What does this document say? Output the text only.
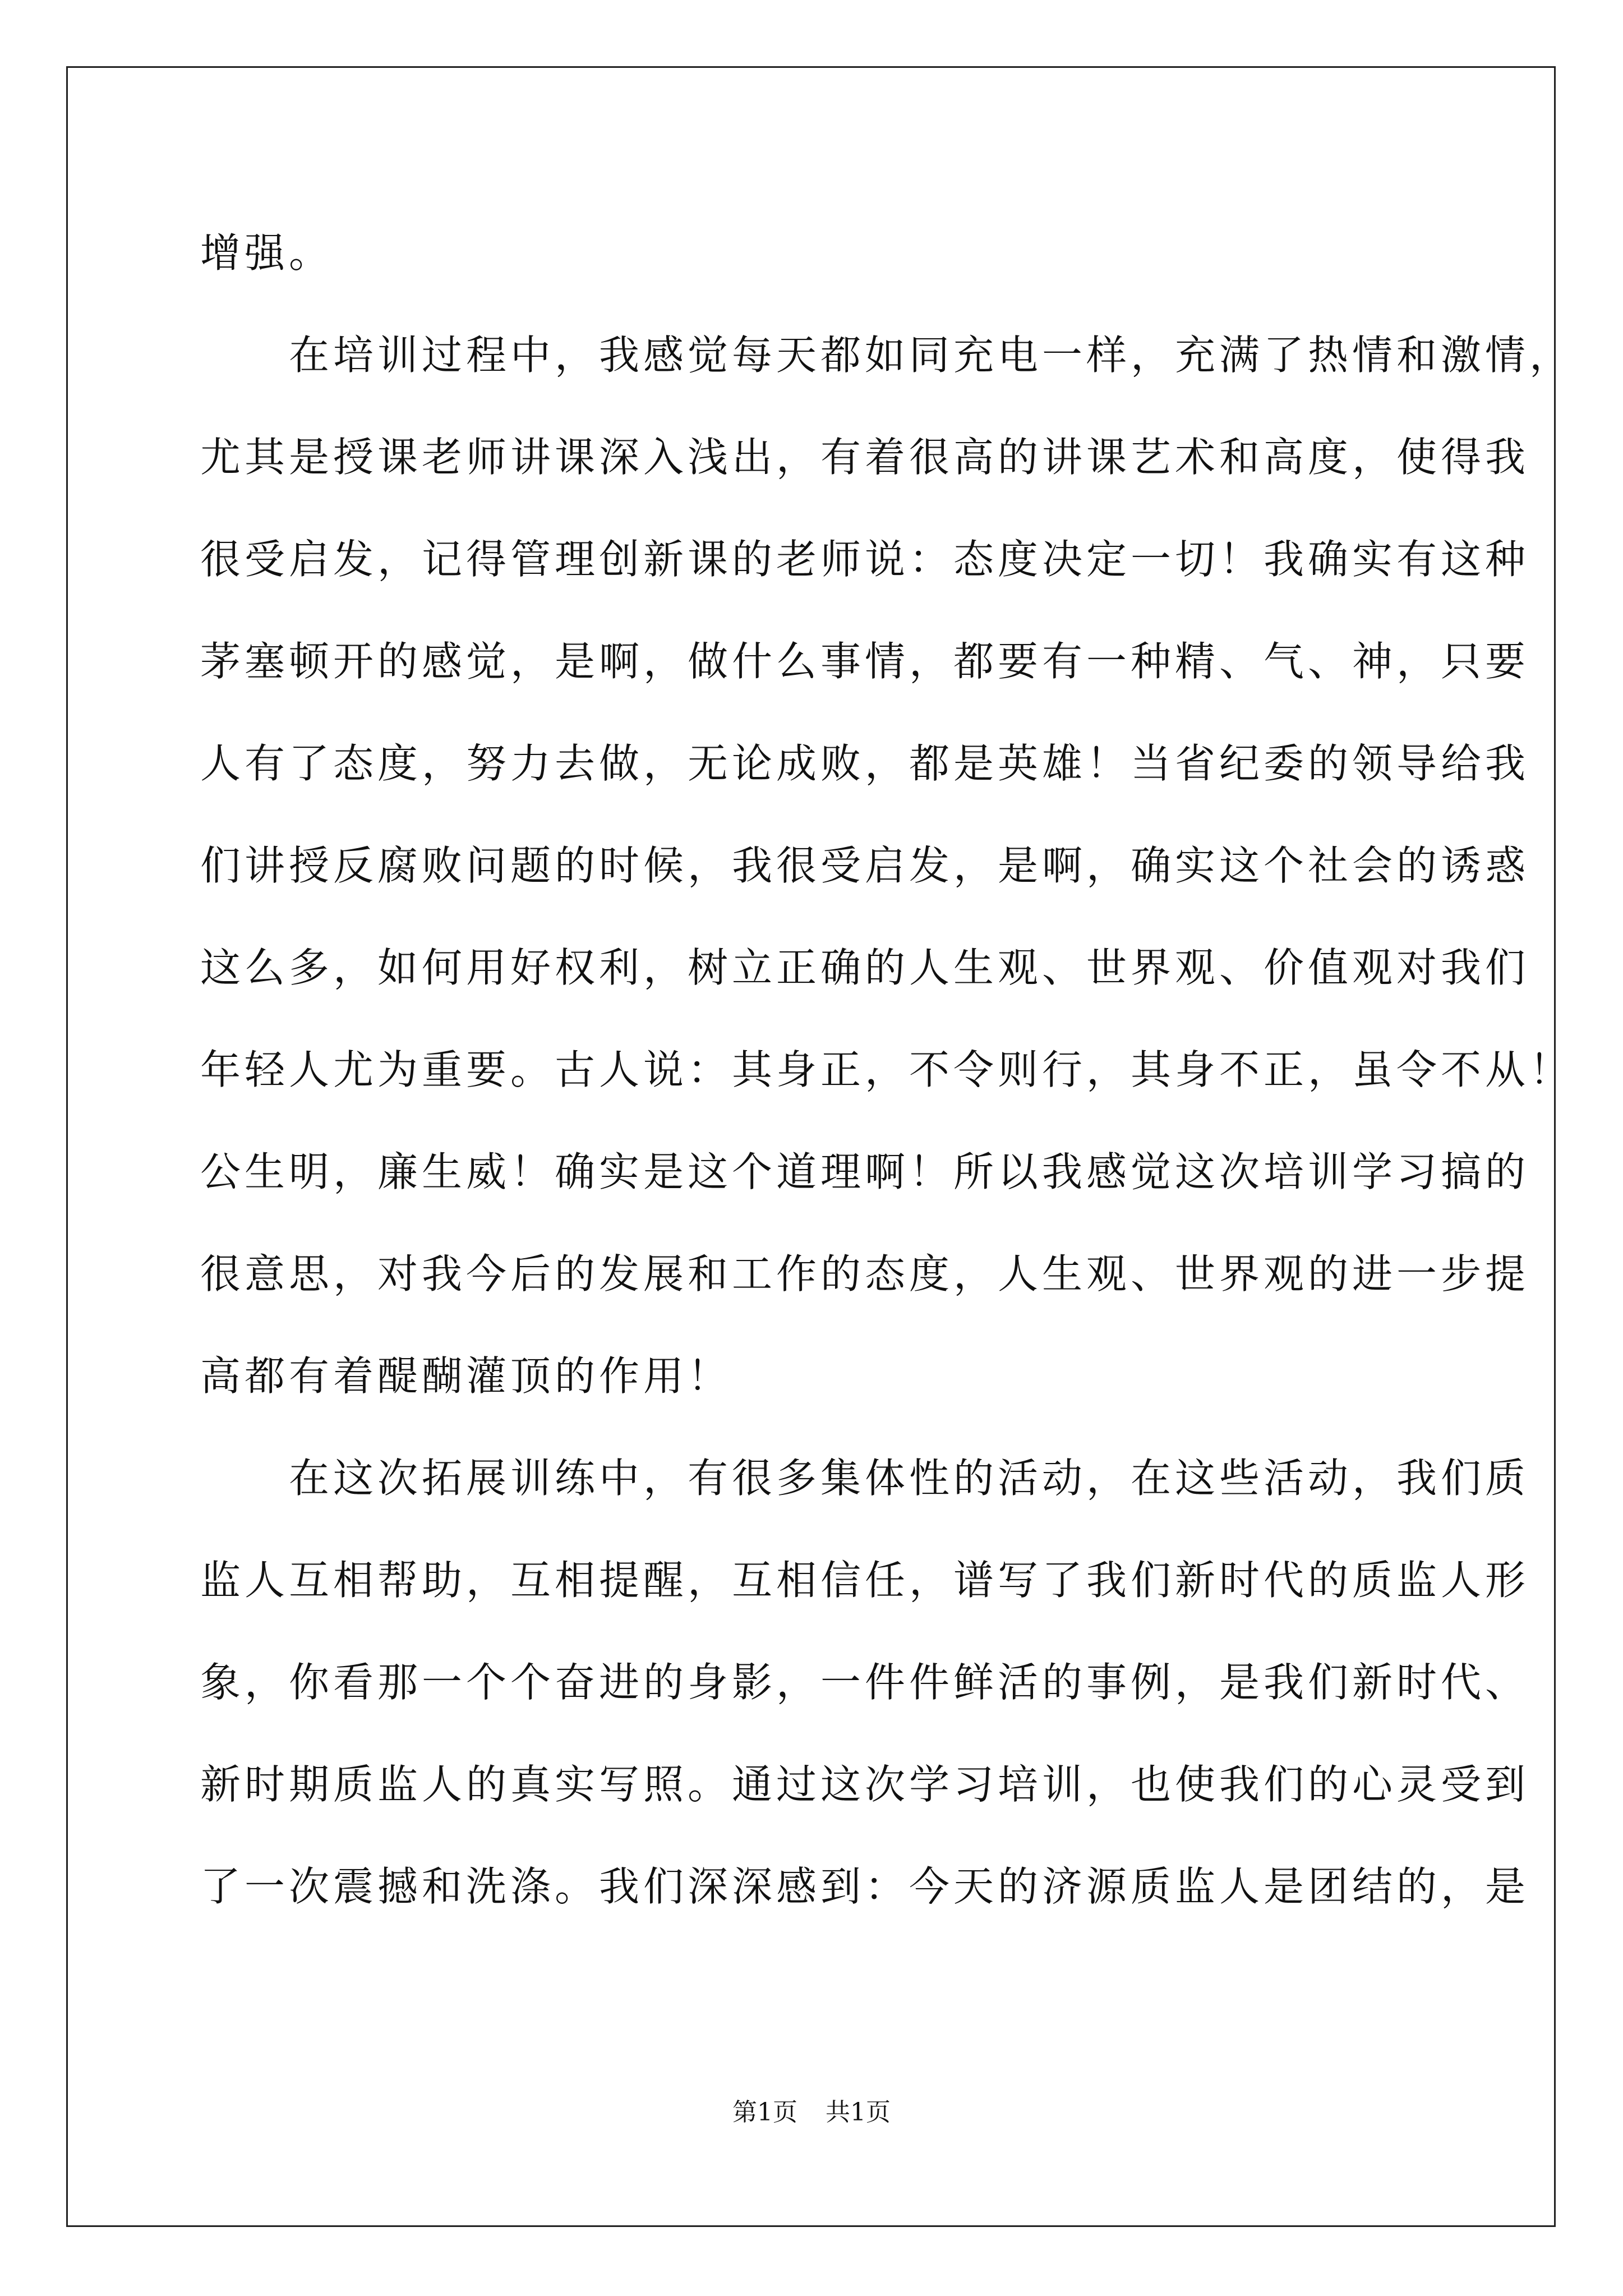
增强。

　　在培训过程中，我感觉每天都如同充电一样，充满了热情和激情，

尤其是授课老师讲课深入浅出，有着很高的讲课艺术和高度，使得我

很受启发，记得管理创新课的老师说：态度决定一切！我确实有这种

茅塞顿开的感觉，是啊，做什么事情，都要有一种精、气、神，只要

人有了态度，努力去做，无论成败，都是英雄！当省纪委的领导给我

们讲授反腐败问题的时候，我很受启发，是啊，确实这个社会的诱惑

这么多，如何用好权利，树立正确的人生观、世界观、价值观对我们

年轻人尤为重要。古人说：其身正，不令则行，其身不正，虽令不从！

公生明，廉生威！确实是这个道理啊！所以我感觉这次培训学习搞的

很意思，对我今后的发展和工作的态度，人生观、世界观的进一步提

高都有着醍醐灌顶的作用！

　　在这次拓展训练中，有很多集体性的活动，在这些活动，我们质

监人互相帮助，互相提醒，互相信任，谱写了我们新时代的质监人形

象，你看那一个个奋进的身影，一件件鲜活的事例，是我们新时代、

新时期质监人的真实写照。通过这次学习培训，也使我们的心灵受到

了一次震撼和洗涤。我们深深感到：今天的济源质监人是团结的，是

第1页 共1页
